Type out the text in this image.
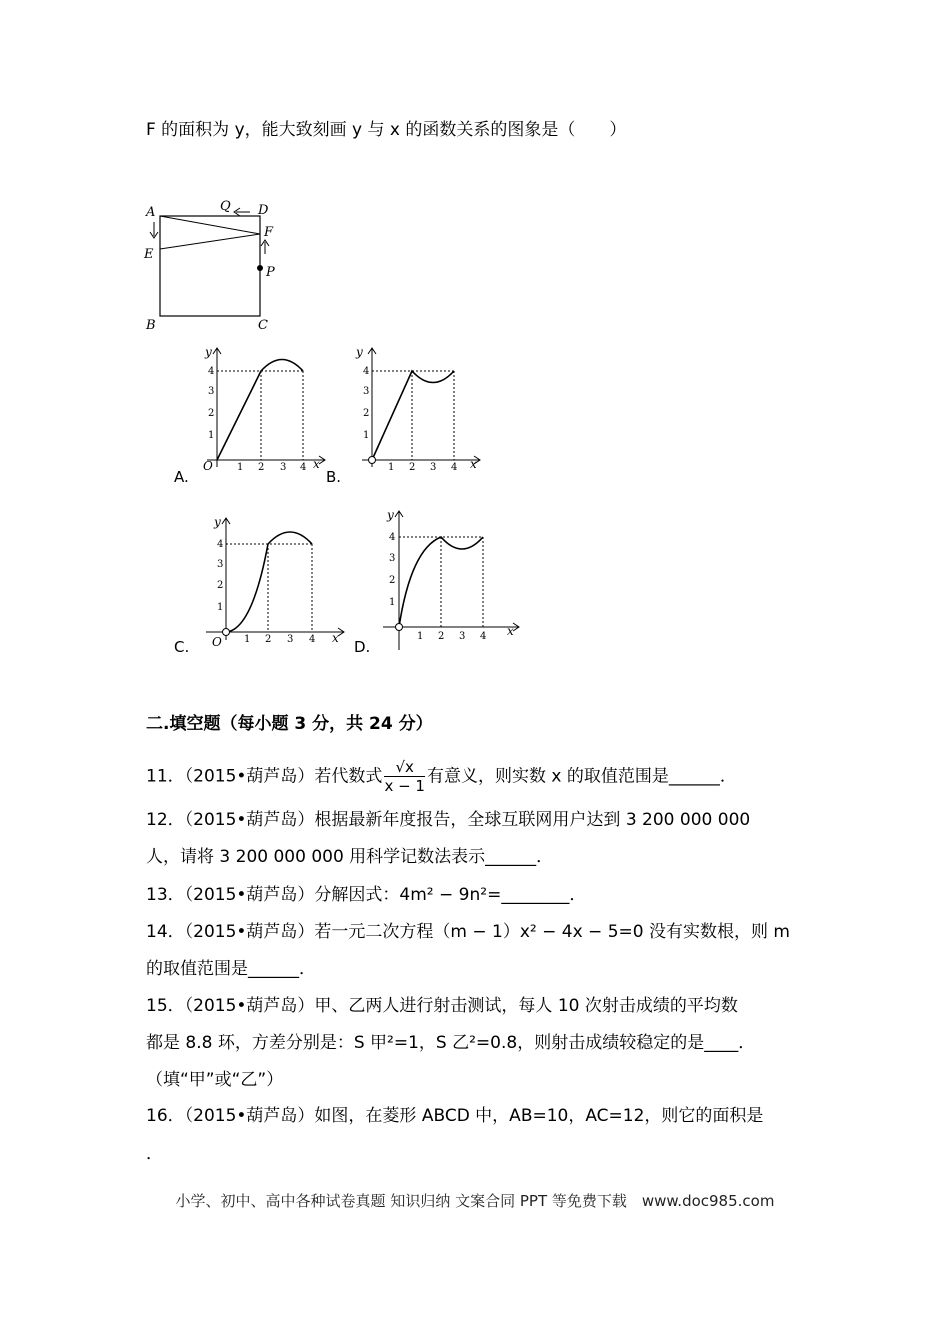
F 的面积为 y，能大致刻画 y 与 x 的函数关系的图象是（　　）
A	D
Q
E
F
P
B	C
y
x
O 1 2 3 4
1
2
3
4
A.
y
x
1 2 3 4
1
2
3
4
B.
y
x
O 1 2 3 4
1
2
3
4
C.
y
x
1 2 3 4
1
2
3
4
D.
二.填空题（每小题 3 分，共 24 分）
11．（2015•葫芦岛）若代数式 $\frac{√x}{x - 1}$ 有意义，则实数 x 的取值范围是______．
12．（2015•葫芦岛）根据最新年度报告，全球互联网用户达到 3 200 000 000
人，请将 3 200 000 000 用科学记数法表示______．
13．（2015•葫芦岛）分解因式：4m² − 9n²=________．
14．（2015•葫芦岛）若一元二次方程（m − 1）x² − 4x − 5=0 没有实数根，则 m
的取值范围是______．
15．（2015•葫芦岛）甲、乙两人进行射击测试，每人 10 次射击成绩的平均数
都是 8.8 环，方差分别是：S 甲²=1，S 乙²=0.8，则射击成绩较稳定的是____．
（填“甲”或“乙”）
16．（2015•葫芦岛）如图，在菱形 ABCD 中，AB=10，AC=12，则它的面积是
．
小学、初中、高中各种试卷真题 知识归纳 文案合同 PPT 等免费下载　www.doc985.com
